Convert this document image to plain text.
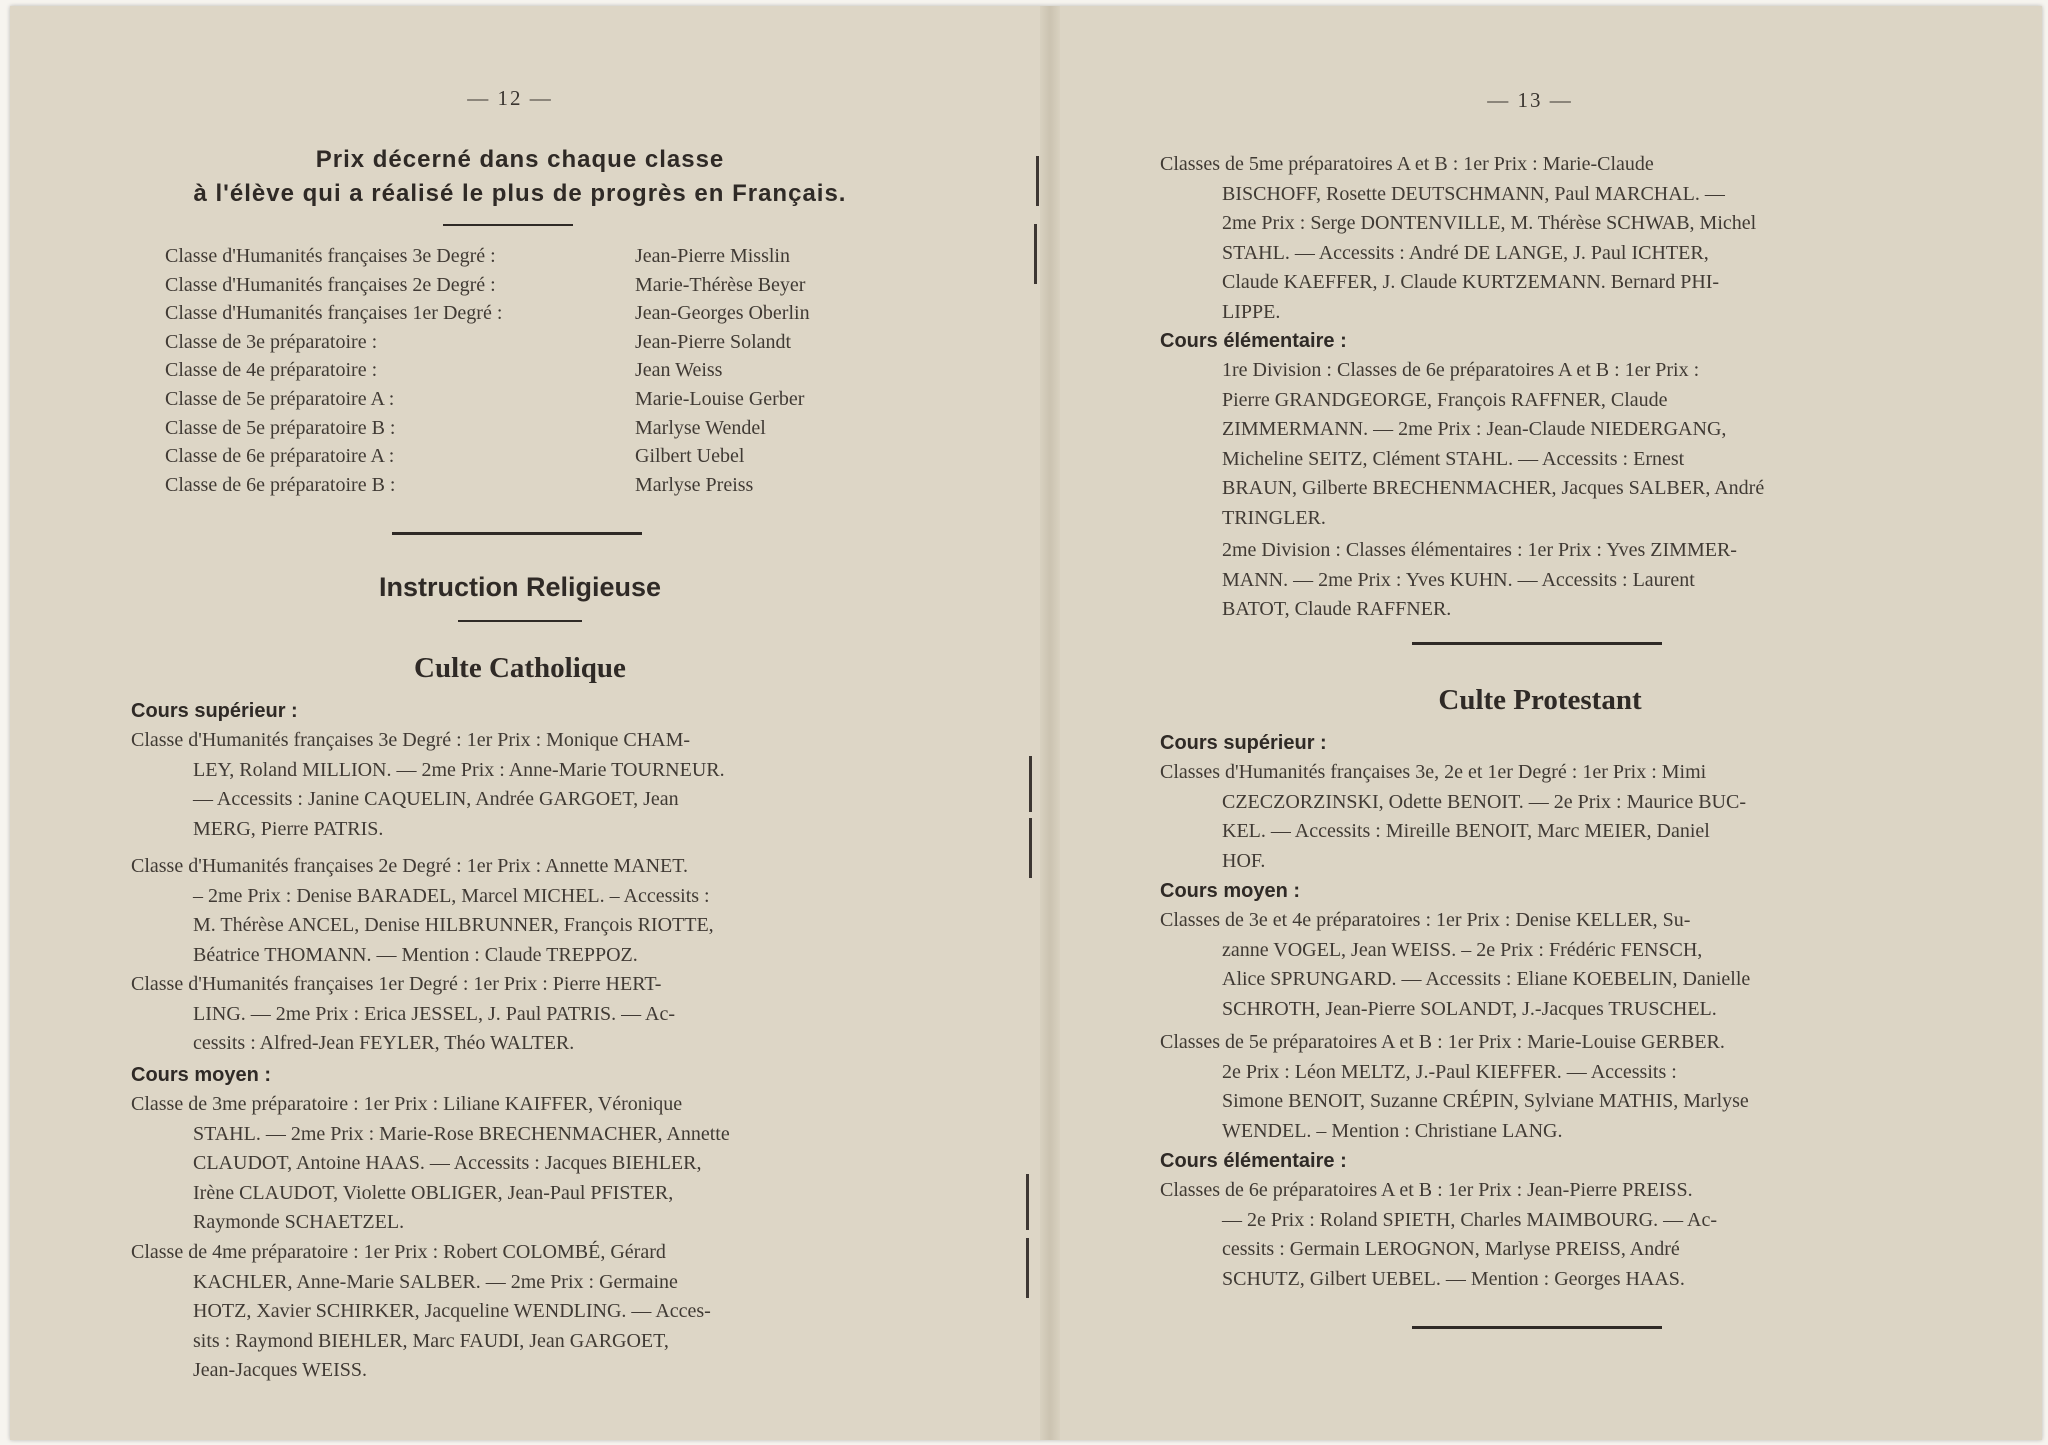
— 12 —
Prix décerné dans chaque classe
à l'élève qui a réalisé le plus de progrès en Français.
Classe d'Humanités françaises 3e Degré :	Jean-Pierre Misslin
Classe d'Humanités françaises 2e Degré :	Marie-Thérèse Beyer
Classe d'Humanités françaises 1er Degré :	Jean-Georges Oberlin
Classe de 3e préparatoire :	Jean-Pierre Solandt
Classe de 4e préparatoire :	Jean Weiss
Classe de 5e préparatoire A :	Marie-Louise Gerber
Classe de 5e préparatoire B :	Marlyse Wendel
Classe de 6e préparatoire A :	Gilbert Uebel
Classe de 6e préparatoire B :	Marlyse Preiss
Instruction Religieuse
Culte Catholique
Cours supérieur :
Classe d'Humanités françaises 3e Degré : 1er Prix : Monique CHAM-
LEY, Roland MILLION. — 2me Prix : Anne-Marie TOURNEUR.
— Accessits : Janine CAQUELIN, Andrée GARGOET, Jean
MERG, Pierre PATRIS.
Classe d'Humanités françaises 2e Degré : 1er Prix : Annette MANET.
– 2me Prix : Denise BARADEL, Marcel MICHEL. – Accessits :
M. Thérèse ANCEL, Denise HILBRUNNER, François RIOTTE,
Béatrice THOMANN. — Mention : Claude TREPPOZ.
Classe d'Humanités françaises 1er Degré : 1er Prix : Pierre HERT-
LING. — 2me Prix : Erica JESSEL, J. Paul PATRIS. — Ac-
cessits : Alfred-Jean FEYLER, Théo WALTER.
Cours moyen :
Classe de 3me préparatoire : 1er Prix : Liliane KAIFFER, Véronique
STAHL. — 2me Prix : Marie-Rose BRECHENMACHER, Annette
CLAUDOT, Antoine HAAS. — Accessits : Jacques BIEHLER,
Irène CLAUDOT, Violette OBLIGER, Jean-Paul PFISTER,
Raymonde SCHAETZEL.
Classe de 4me préparatoire : 1er Prix : Robert COLOMBÉ, Gérard
KACHLER, Anne-Marie SALBER. — 2me Prix : Germaine
HOTZ, Xavier SCHIRKER, Jacqueline WENDLING. — Acces-
sits : Raymond BIEHLER, Marc FAUDI, Jean GARGOET,
Jean-Jacques WEISS.
— 13 —
Classes de 5me préparatoires A et B : 1er Prix : Marie-Claude
BISCHOFF, Rosette DEUTSCHMANN, Paul MARCHAL. —
2me Prix : Serge DONTENVILLE, M. Thérèse SCHWAB, Michel
STAHL. — Accessits : André DE LANGE, J. Paul ICHTER,
Claude KAEFFER, J. Claude KURTZEMANN. Bernard PHI-
LIPPE.
Cours élémentaire :
1re Division : Classes de 6e préparatoires A et B : 1er Prix :
Pierre GRANDGEORGE, François RAFFNER, Claude
ZIMMERMANN. — 2me Prix : Jean-Claude NIEDERGANG,
Micheline SEITZ, Clément STAHL. — Accessits : Ernest
BRAUN, Gilberte BRECHENMACHER, Jacques SALBER, André
TRINGLER.
2me Division : Classes élémentaires : 1er Prix : Yves ZIMMER-
MANN. — 2me Prix : Yves KUHN. — Accessits : Laurent
BATOT, Claude RAFFNER.
Culte Protestant
Cours supérieur :
Classes d'Humanités françaises 3e, 2e et 1er Degré : 1er Prix : Mimi
CZECZORZINSKI, Odette BENOIT. — 2e Prix : Maurice BUC-
KEL. — Accessits : Mireille BENOIT, Marc MEIER, Daniel
HOF.
Cours moyen :
Classes de 3e et 4e préparatoires : 1er Prix : Denise KELLER, Su-
zanne VOGEL, Jean WEISS. – 2e Prix : Frédéric FENSCH,
Alice SPRUNGARD. — Accessits : Eliane KOEBELIN, Danielle
SCHROTH, Jean-Pierre SOLANDT, J.-Jacques TRUSCHEL.
Classes de 5e préparatoires A et B : 1er Prix : Marie-Louise GERBER.
2e Prix : Léon MELTZ, J.-Paul KIEFFER. — Accessits :
Simone BENOIT, Suzanne CRÉPIN, Sylviane MATHIS, Marlyse
WENDEL. – Mention : Christiane LANG.
Cours élémentaire :
Classes de 6e préparatoires A et B : 1er Prix : Jean-Pierre PREISS.
— 2e Prix : Roland SPIETH, Charles MAIMBOURG. — Ac-
cessits : Germain LEROGNON, Marlyse PREISS, André
SCHUTZ, Gilbert UEBEL. — Mention : Georges HAAS.
